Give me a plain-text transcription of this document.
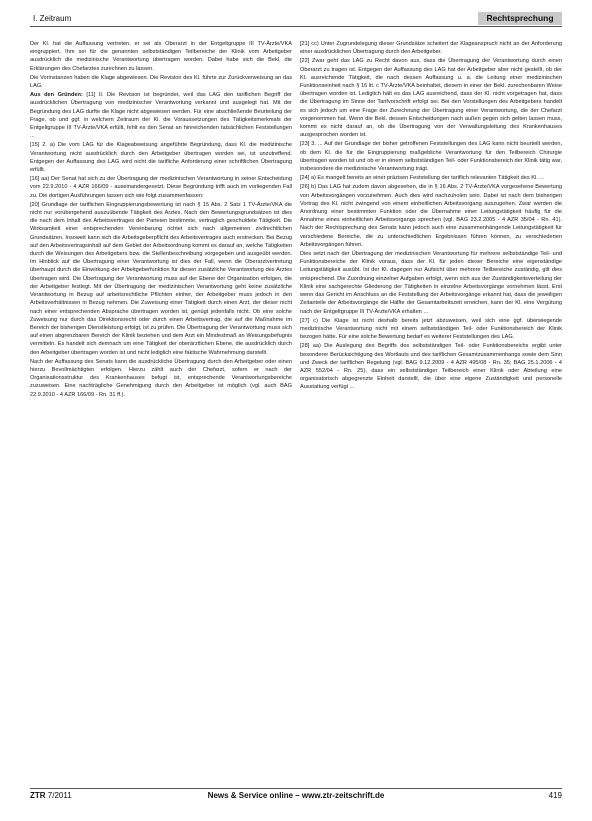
I. Zeitraum	Rechtsprechung

Der Kl. hat die Auffassung vertreten, er sei als Oberarzt in der Entgeltgruppe III TV-Ärzte/VKA eingruppiert. Ihm sei für die genannten selbstständigen Teilbereiche der Klinik vom Arbeitgeber ausdrücklich die medizinische Verantwortung übertragen worden. Dabei habe sich die Bekl. die Erklärungen des Chefarztes zurechnen zu lassen.

Die Vorinstanzen haben die Klage abgewiesen. Die Revision des Kl. führte zur Zurückverweisung an das LAG.

Aus den Gründen: [11] II. Die Revision ist begründet, weil das LAG den tariflichen Begriff der ausdrücklichen Übertragung von medizinischer Verantwortung verkannt und ausgelegt hat. Mit der Begründung des LAG durfte die Klage nicht abgewiesen werden. Für eine abschließende Beurteilung der Frage, ob und ggf. in welchem Zeitraum der Kl. die Voraussetzungen des Tätigkeitsmerkmals der Entgeltgruppe III TV-Ärzte/VKA erfüllt, fehlt es den Senat an hinreichenden tatsächlichen Feststellungen ...

[15] 2. a) Die vom LAG für die Klageabweisung angeführte Begründung, dass Kl. die medizinische Verantwortung nicht ausdrücklich durch den Arbeitgeber übertragen worden sei, ist unzutreffend. Entgegen der Auffassung des LAG wird nicht die tarifliche Anforderung einer schriftlichen Übertragung erfüllt.

[16] aa) Der Senat hat sich zu der Übertragung der medizinischen Verantwortung in seiner Entscheidung vom 22.9.2010 - 4 AZR 166/09 - auseinandergesetzt. Diese Begründung trifft auch im vorliegenden Fall zu. Die dortigen Ausführungen lassen sich wie folgt zusammenfassen:

[20] Grundlage der tariflichen Eingruppierungsbewertung ist nach § 15 Abs. 2 Satz 1 TV-Ärzte/VKA die nicht nur vorübergehend auszuübende Tätigkeit des Arztes. Nach den Bewertungsgrundsätzen ist dies die nach dem Inhalt des Arbeitsvertrages der Parteien bestimmte, vertraglich geschuldete Tätigkeit. Die Wirksamkeit einer entsprechenden Vereinbarung richtet sich nach allgemeinen zivilrechtlichen Grundsätzen. Insoweit kann sich die Arbeitsgeberpflicht des Arbeitsvertrages auch erstrecken. Bei Bezug auf den Arbeitsvertragsinhalt auf dem Gebiet der Arbeitsordnung kommt es darauf an, welche Tätigkeiten durch die Weisungen des Arbeitgebers bzw. die Stellenbeschreibung vorgegeben und ausgeübt werden. Im Hinblick auf die Übertragung einer Verantwortung ist dies der Fall, wenn die Oberarztvertretung überhaupt durch die Einwirkung der Arbeitgeberfunktion für diesen zusätzliche Verantwortung des Arztes übertragen wird. Die Übertragung der Verantwortung muss auf der Ebene der Organisation erfolgen, die der Arbeitgeber festlegt. Mit der Übertragung der medizinischen Verantwortung geht keine zusätzliche Verantwortung in Bezug auf arbeitsrechtliche Pflichten einher, der Arbeitgeber muss jedoch in den Arbeitsverhältnissen in Bezug nehmen. Die Zuweisung einer Tätigkeit durch einen Arzt, der dieser nicht nach einer entsprechenden Absprache übertragen worden ist, genügt jedenfalls nicht. Ob eine solche Zuweisung nur durch das Direktionsrecht oder durch einen Arbeitsvertrag, die auf die Maßnahme im Bereich der bisherigen Dienstleistung erfolgt, ist zu prüfen. Die Übertragung der Verantwortung muss sich auf einen abgrenzbaren Bereich der Klinik beziehen und dem Arzt ein Mindestmaß an Weisungsbefugnis vermitteln. Es handelt sich demnach um eine Tätigkeit der oberärztlichen Ebene, die ausdrücklich durch den Arbeitgeber übertragen worden ist und nicht lediglich eine faktische Wahrnehmung darstellt.

Nach der Auffassung des Senats kann die ausdrückliche Übertragung durch den Arbeitgeber oder einen hierzu Bevollmächtigten erfolgen. Hierzu zählt auch der Chefarzt, sofern er nach der Organisationsstruktur des Krankenhauses befugt ist, entsprechende Verantwortungsbereiche zuzuweisen. Eine nachträgliche Genehmigung durch den Arbeitgeber ist möglich (vgl. auch BAG 22.9.2010 - 4 AZR 166/09 - Rn. 31 ff.).

[21] cc) Unter Zugrundelegung dieser Grundsätze scheitert der Klageanspruch nicht an der Anforderung einer ausdrücklichen Übertragung durch den Arbeitgeber.

[22] Zwar geht das LAG zu Recht davon aus, dass die Übertragung der Verantwortung durch einen Oberarzt zu tragen ist. Entgegen der Auffassung des LAG hat der Arbeitgeber aber nicht gestellt, ob der Kl. ausreichende Tätigkeit, die nach dessen Auffassung u. a. die Leitung einer medizinischen Funktionseinheit nach § 16 lit. c TV-Ärzte/VKA beinhaltet, diesem in einer der Bekl. zurechenbaren Weise übertragen worden ist. Lediglich hält es das LAG ausreichend, dass der Kl. nicht vorgetragen hat, dass die Übertragung im Sinne der Tarifvorschrift erfolgt sei. Bei den Vorstellungen des Arbeitgebers handelt es sich jedoch um eine Frage der Zurechnung der Übertragung einer Verantwortung, die der Chefarzt vorgenommen hat. Wenn die Bekl. dessen Entscheidungen nach außen gegen sich gelten lassen muss, kommt es nicht darauf an, ob die Übertragung von der Verwaltungsleitung des Krankenhauses ausgesprochen worden ist.

[23] 3. ... Auf der Grundlage der bisher getroffenen Feststellungen des LAG kann nicht beurteilt werden, ob dem Kl. die für die Eingruppierung maßgebliche Verantwortung für den Teilbereich Chirurgie übertragen worden ist und ob er in einem selbstständigen Teil- oder Funktionsbereich der Klinik tätig war, insbesondere die medizinische Verantwortung trägt.

[24] a) Es mangelt bereits an einer präzisen Feststellung der tariflich relevanten Tätigkeit des Kl. ...

[26] b) Das LAG hat zudem davon abgesehen, die in § 16 Abs. 2 TV-Ärzte/VKA vorgesehene Bewertung von Arbeitsvorgängen vorzunehmen. Auch dies wird nachzuholen sein. Dabei ist nach dem bisherigen Vortrag des Kl. nicht zwingend von einem einheitlichen Arbeitsvorgang auszugehen. Zwar werden die Anordnung einer bestimmten Funktion oder die Übernahme einer Leitungstätigkeit häufig für die Annahme eines einheitlichen Arbeitsvorgangs sprechen (vgl. BAG 23.2.2005 - 4 AZR 35/04 - Rn. 41). Nach der Rechtsprechung des Senats kann jedoch auch eine zusammenhängende Leitungstätigkeit für verschiedene Bereiche, die zu unterschiedlichen Ergebnissen führen können, zu verschiedenen Arbeitsvorgängen führen.

Dies setzt nach der Übertragung der medizinischen Verantwortung für mehrere selbstständige Teil- und Funktionsbereiche der Klinik voraus, dass der Kl. für jeden dieser Bereiche eine eigenständige Leitungstätigkeit ausübt. Ist der Kl. dagegen nur Aufsicht über mehrere Teilbereiche zuständig, gilt dies entsprechend. Die Zuordnung einzelner Aufgaben erfolgt, wenn sich aus der Zuständigkeitsverteilung der Klinik eine sachgerechte Gliederung der Tätigkeiten in einzelne Arbeitsvorgänge vornehmen lässt. Erst wenn das Gericht im Anschluss an die Feststellung der Arbeitsvorgänge erkannt hat, dass die jeweiligen Zeitanteile der Arbeitsvorgänge die Hälfte der Gesamtarbeitszeit erreichen, kann der Kl. eine Vergütung nach der Entgeltgruppe III TV-Ärzte/VKA erhalten ...

[27] c) Die Klage ist nicht deshalb bereits jetzt abzuweisen, weil sich eine ggf. überwiegende medizinische Verantwortung nicht mit einem selbstständigen Teil- oder Funktionsbereich der Klinik bezogen hätte. Für eine solche Bewertung bedarf es weiterer Feststellungen des LAG.

[28] aa) Die Auslegung des Begriffs des selbstständigen Teil- oder Funktionsbereichs ergibt unter besonderer Berücksichtigung des Wortlauts und des tariflichen Gesamtzusammenhangs sowie dem Sinn und Zweck der tariflichen Regelung (vgl. BAG 9.12.2009 - 4 AZR 495/08 - Rn. 35; BAG 25.1.2006 - 4 AZR 552/04 - Rn. 25), dass ein selbstständiger Teilbereich einer Klinik oder Abteilung eine organisatorisch abgegrenzte Einheit darstellt, die über eine eigene Zuständigkeit und personelle Ausstattung verfügt ...

ZTR 7/2011	News & Service online – www.ztr-zeitschrift.de	419
